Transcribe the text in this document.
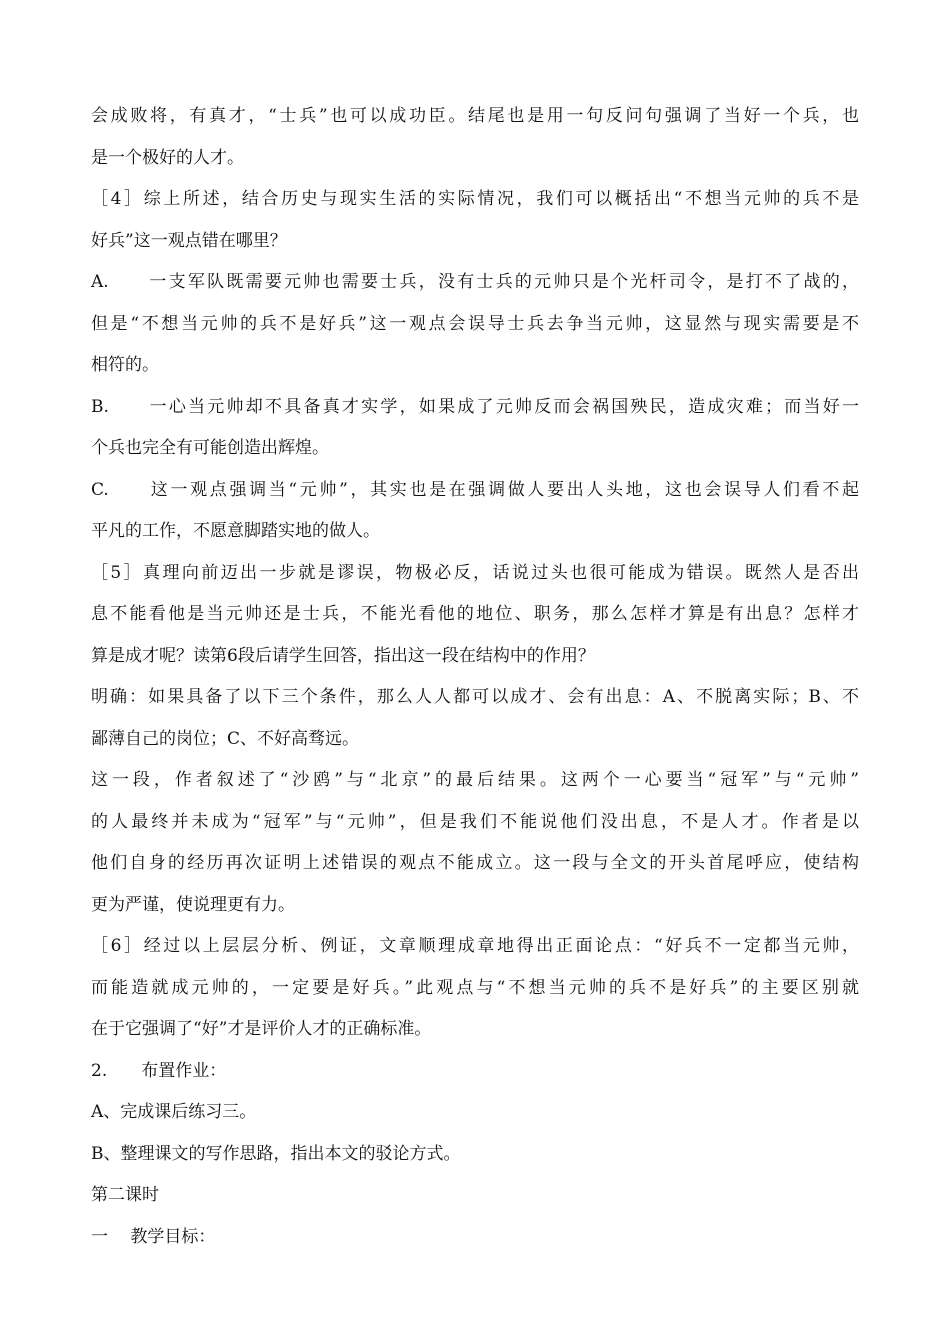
会成败将，有真才，“士兵”也可以成功臣。结尾也是用一句反问句强调了当好一个兵，也
是一个极好的人才。
［4］综上所述，结合历史与现实生活的实际情况，我们可以概括出“不想当元帅的兵不是
好兵”这一观点错在哪里？
A.　　一支军队既需要元帅也需要士兵，没有士兵的元帅只是个光杆司令，是打不了战的，
但是“不想当元帅的兵不是好兵”这一观点会误导士兵去争当元帅，这显然与现实需要是不
相符的。
B.　　一心当元帅却不具备真才实学，如果成了元帅反而会祸国殃民，造成灾难；而当好一
个兵也完全有可能创造出辉煌。
C.　　这一观点强调当“元帅”，其实也是在强调做人要出人头地，这也会误导人们看不起
平凡的工作，不愿意脚踏实地的做人。
［5］真理向前迈出一步就是谬误，物极必反，话说过头也很可能成为错误。既然人是否出
息不能看他是当元帅还是士兵，不能光看他的地位、职务，那么怎样才算是有出息？怎样才
算是成才呢？读第6段后请学生回答，指出这一段在结构中的作用？
明确：如果具备了以下三个条件，那么人人都可以成才、会有出息：A、不脱离实际；B、不
鄙薄自己的岗位；C、不好高骛远。
这一段，作者叙述了“沙鸥”与“北京”的最后结果。这两个一心要当“冠军”与“元帅”
的人最终并未成为“冠军”与“元帅”，但是我们不能说他们没出息，不是人才。作者是以
他们自身的经历再次证明上述错误的观点不能成立。这一段与全文的开头首尾呼应，使结构
更为严谨，使说理更有力。
［6］经过以上层层分析、例证，文章顺理成章地得出正面论点：“好兵不一定都当元帅，
而能造就成元帅的，一定要是好兵。”此观点与“不想当元帅的兵不是好兵”的主要区别就
在于它强调了“好”才是评价人才的正确标准。
2.　　布置作业：
A、完成课后练习三。
B、整理课文的写作思路，指出本文的驳论方式。
第二课时
一　 教学目标：
